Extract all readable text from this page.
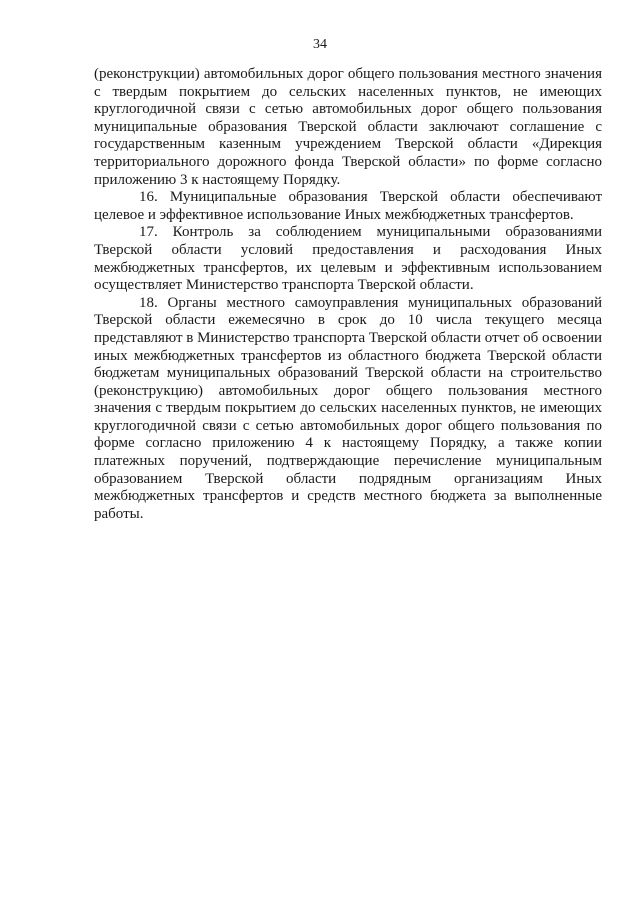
34

(реконструкции) автомобильных дорог общего пользования местного значения с твердым покрытием до сельских населенных пунктов, не имеющих круглогодичной связи с сетью автомобильных дорог общего пользования муниципальные образования Тверской области заключают соглашение с государственным казенным учреждением Тверской области «Дирекция территориального дорожного фонда Тверской области» по форме согласно приложению 3 к настоящему Порядку.

16. Муниципальные образования Тверской области обеспечивают целевое и эффективное использование Иных межбюджетных трансфертов.

17. Контроль за соблюдением муниципальными образованиями Тверской области условий предоставления и расходования Иных межбюджетных трансфертов, их целевым и эффективным использованием осуществляет Министерство транспорта Тверской области.

18. Органы местного самоуправления муниципальных образований Тверской области ежемесячно в срок до 10 числа текущего месяца представляют в Министерство транспорта Тверской области отчет об освоении иных межбюджетных трансфертов из областного бюджета Тверской области бюджетам муниципальных образований Тверской области на строительство (реконструкцию) автомобильных дорог общего пользования местного значения с твердым покрытием до сельских населенных пунктов, не имеющих круглогодичной связи с сетью автомобильных дорог общего пользования по форме согласно приложению 4 к настоящему Порядку, а также копии платежных поручений, подтверждающие перечисление муниципальным образованием Тверской области подрядным организациям Иных межбюджетных трансфертов и средств местного бюджета за выполненные работы.
